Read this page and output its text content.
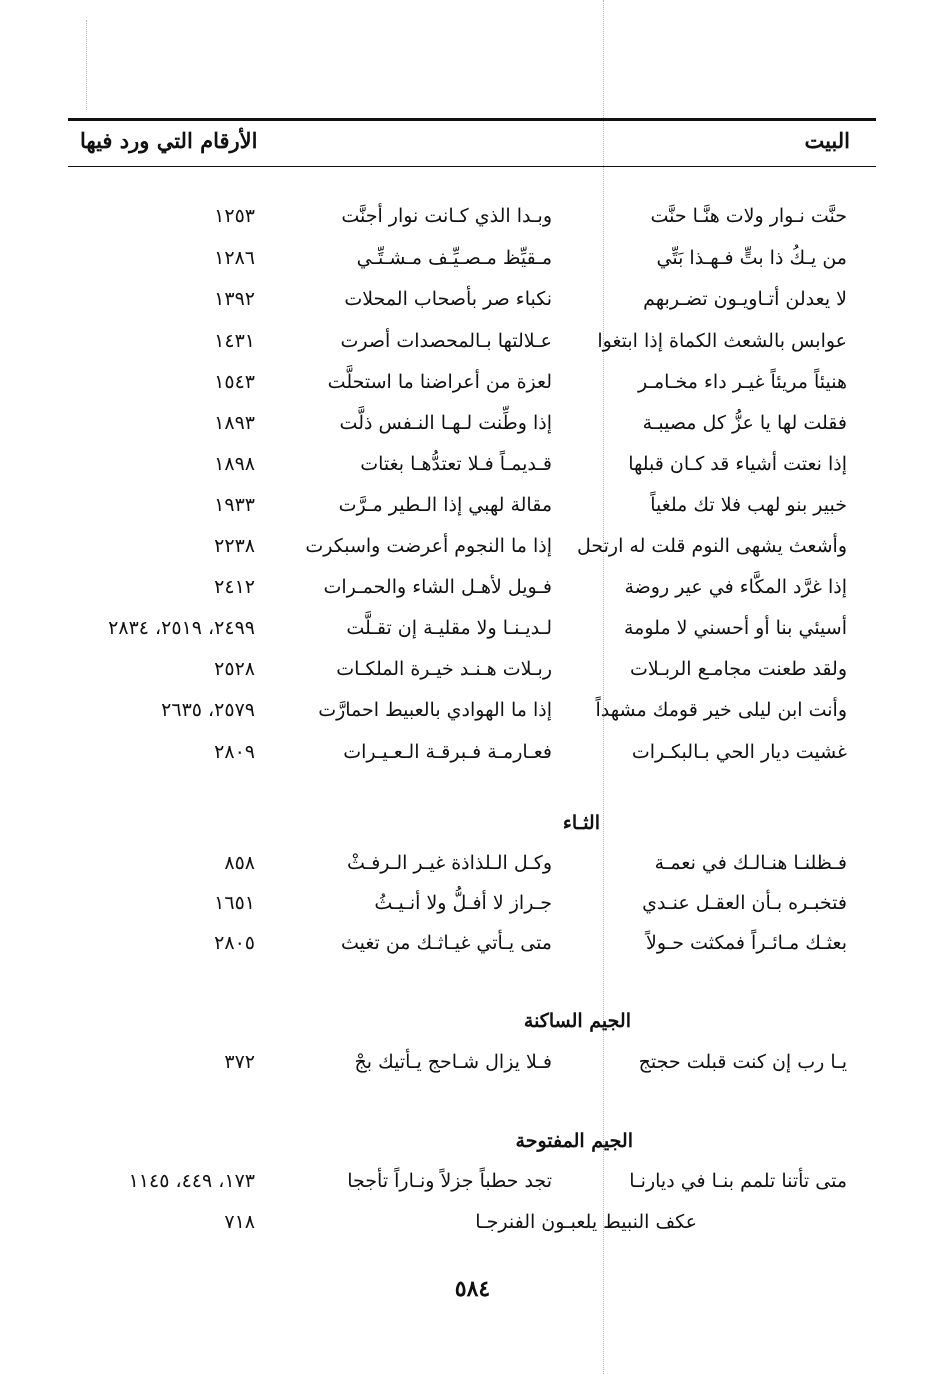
البيت
الأرقام التي ورد فيها
حنَّت نـوار ولات هنَّـا حنَّت
وبـدا الذي كـانت نوار أجنَّت
١٢٥٣
من يـكُ ذا بتٍّ فـهـذا بَتِّي
مـقيِّظ مـصـيِّـف مـشـتِّـي
١٢٨٦
لا يعدلن أتـاويـون تضـربهم
نكباء صر بأصحاب المحلات
١٣٩٢
عوابس بالشعث الكماة إذا ابتغوا
عـلالتها بـالمحصدات أصرت
١٤٣١
هنيئاً مريئاً غيـر داء مخـامـر
لعزة من أعراضنا ما استحلَّت
١٥٤٣
فقلت لها يا عزُّ كل مصيبـة
إذا وطِّنت لـهـا النـفس ذلَّت
١٨٩٣
إذا نعتت أشياء قد كـان قبلها
قـديمـاً فـلا تعتدُّهـا بغتات
١٨٩٨
خبير بنو لهب فلا تك ملغياً
مقالة لهبي إذا الـطير مـرَّت
١٩٣٣
وأشعث يشهى النوم قلت له ارتحل
إذا ما النجوم أعرضت واسبكرت
٢٢٣٨
إذا غرَّد المكَّاء في عير روضة
فـويل لأهـل الشاء والحمـرات
٢٤١٢
أسيئي بنا أو أحسني لا ملومة
لـديـنـا ولا مقليـة إن تقـلَّت
٢٤٩٩، ٢٥١٩، ٢٨٣٤
ولقد طعنت مجامـع الربـلات
ربـلات هـنـد خيـرة الملكـات
٢٥٢٨
وأنت ابن ليلى خير قومك مشهداً
إذا ما الهوادي بالعبيط احمارَّت
٢٥٧٩، ٢٦٣٥
غشيت ديار الحي بـالبكـرات
فعـارمـة فـبرقـة الـعـيـرات
٢٨٠٩
الثـاء
فـظلنـا هنـالـك في نعمـة
وكـل الـلذاذة غيـر الـرفـثْ
٨٥٨
فتخبـره بـأن العقـل عنـدي
جـراز لا أفـلُّ ولا أنـيـثُ
١٦٥١
بعثـك مـائـراً فمكثت حـولاً
متى يـأتي غيـاثـك من تغيث
٢٨٠٥
الجيم الساكنة
يـا رب إن كنت قبلت حجتج
فـلا يزال شـاحج يـأتيك بجْ
٣٧٢
الجيم المفتوحة
متى تأتنا تلمم بنـا في ديارنـا
تجد حطباً جزلاً ونـاراً تأججا
١٧٣، ٤٤٩، ١١٤٥
عكف النبيط يلعبـون الفنرجـا
٧١٨
٥٨٤
